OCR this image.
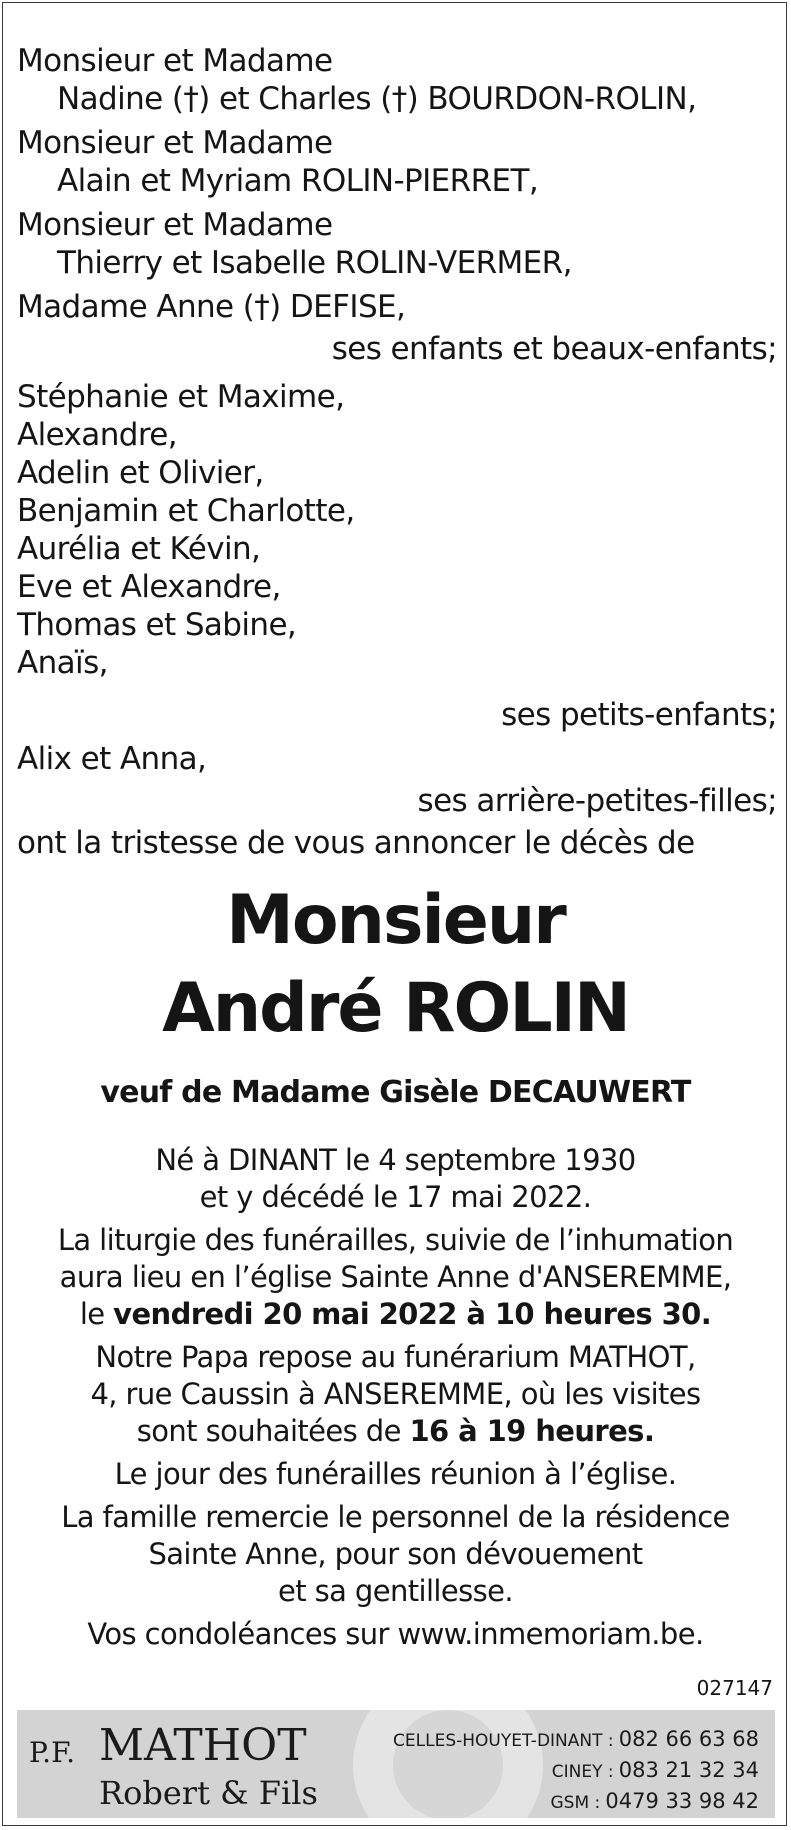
Monsieur et Madame
Nadine (†) et Charles (†) BOURDON-ROLIN,
Monsieur et Madame
Alain et Myriam ROLIN-PIERRET,
Monsieur et Madame
Thierry et Isabelle ROLIN-VERMER,
Madame Anne (†) DEFISE,
ses enfants et beaux-enfants;
Stéphanie et Maxime,
Alexandre,
Adelin et Olivier,
Benjamin et Charlotte,
Aurélia et Kévin,
Eve et Alexandre,
Thomas et Sabine,
Anaïs,
ses petits-enfants;
Alix et Anna,
ses arrière-petites-filles;
ont la tristesse de vous annoncer le décès de
Monsieur
André ROLIN
veuf de Madame Gisèle DECAUWERT
Né à DINANT le 4 septembre 1930
et y décédé le 17 mai 2022.
La liturgie des funérailles, suivie de l’inhumation
aura lieu en l’église Sainte Anne d'ANSEREMME,
le vendredi 20 mai 2022 à 10 heures 30.
Notre Papa repose au funérarium MATHOT,
4, rue Caussin à ANSEREMME, où les visites
sont souhaitées de 16 à 19 heures.
Le jour des funérailles réunion à l’église.
La famille remercie le personnel de la résidence
Sainte Anne, pour son dévouement
et sa gentillesse.
Vos condoléances sur www.inmemoriam.be.
027147
P.F. MATHOT
Robert & Fils
CELLES-HOUYET-DINANT : 082 66 63 68
CINEY : 083 21 32 34
GSM : 0479 33 98 42
